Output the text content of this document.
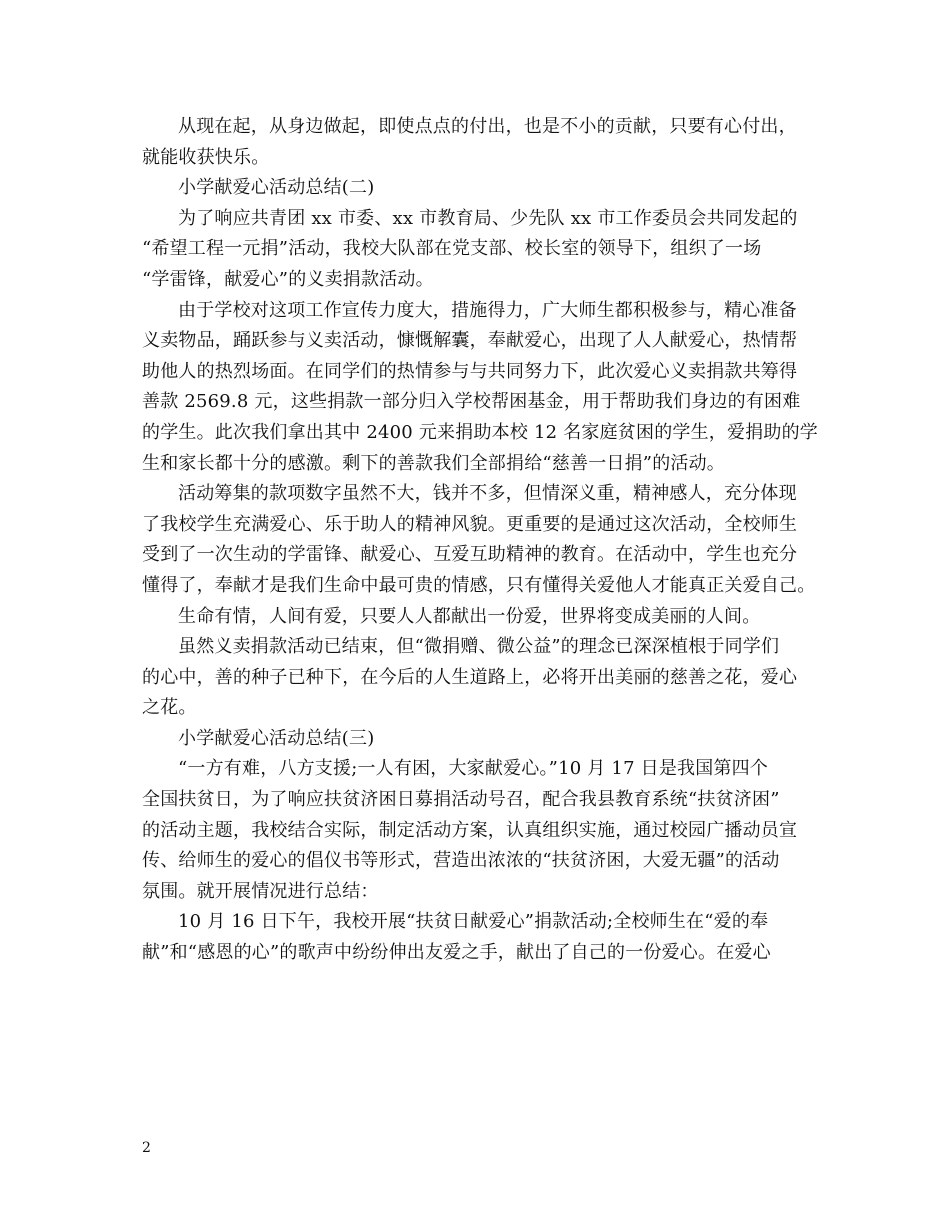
从现在起，从身边做起，即使点点的付出，也是不小的贡献，只要有心付出，
就能收获快乐。
小学献爱心活动总结(二)
为了响应共青团 xx 市委、xx 市教育局、少先队 xx 市工作委员会共同发起的
“希望工程一元捐”活动，我校大队部在党支部、校长室的领导下，组织了一场
“学雷锋，献爱心”的义卖捐款活动。
由于学校对这项工作宣传力度大，措施得力，广大师生都积极参与，精心准备
义卖物品，踊跃参与义卖活动，慷慨解囊，奉献爱心，出现了人人献爱心，热情帮
助他人的热烈场面。在同学们的热情参与与共同努力下，此次爱心义卖捐款共筹得
善款 2569.8 元，这些捐款一部分归入学校帮困基金，用于帮助我们身边的有困难
的学生。此次我们拿出其中 2400 元来捐助本校 12 名家庭贫困的学生，爱捐助的学
生和家长都十分的感激。剩下的善款我们全部捐给“慈善一日捐”的活动。
活动筹集的款项数字虽然不大，钱并不多，但情深义重，精神感人，充分体现
了我校学生充满爱心、乐于助人的精神风貌。更重要的是通过这次活动，全校师生
受到了一次生动的学雷锋、献爱心、互爱互助精神的教育。在活动中，学生也充分
懂得了，奉献才是我们生命中最可贵的情感，只有懂得关爱他人才能真正关爱自己。
生命有情，人间有爱，只要人人都献出一份爱，世界将变成美丽的人间。
虽然义卖捐款活动已结束，但“微捐赠、微公益”的理念已深深植根于同学们
的心中，善的种子已种下，在今后的人生道路上，必将开出美丽的慈善之花，爱心
之花。
小学献爱心活动总结(三)
“一方有难，八方支援;一人有困，大家献爱心。”10 月 17 日是我国第四个
全国扶贫日，为了响应扶贫济困日募捐活动号召，配合我县教育系统“扶贫济困”
的活动主题，我校结合实际，制定活动方案，认真组织实施，通过校园广播动员宣
传、给师生的爱心的倡仪书等形式，营造出浓浓的“扶贫济困，大爱无疆”的活动
氛围。就开展情况进行总结：
10 月 16 日下午，我校开展“扶贫日献爱心”捐款活动;全校师生在“爱的奉
献”和“感恩的心”的歌声中纷纷伸出友爱之手，献出了自己的一份爱心。在爱心
2
